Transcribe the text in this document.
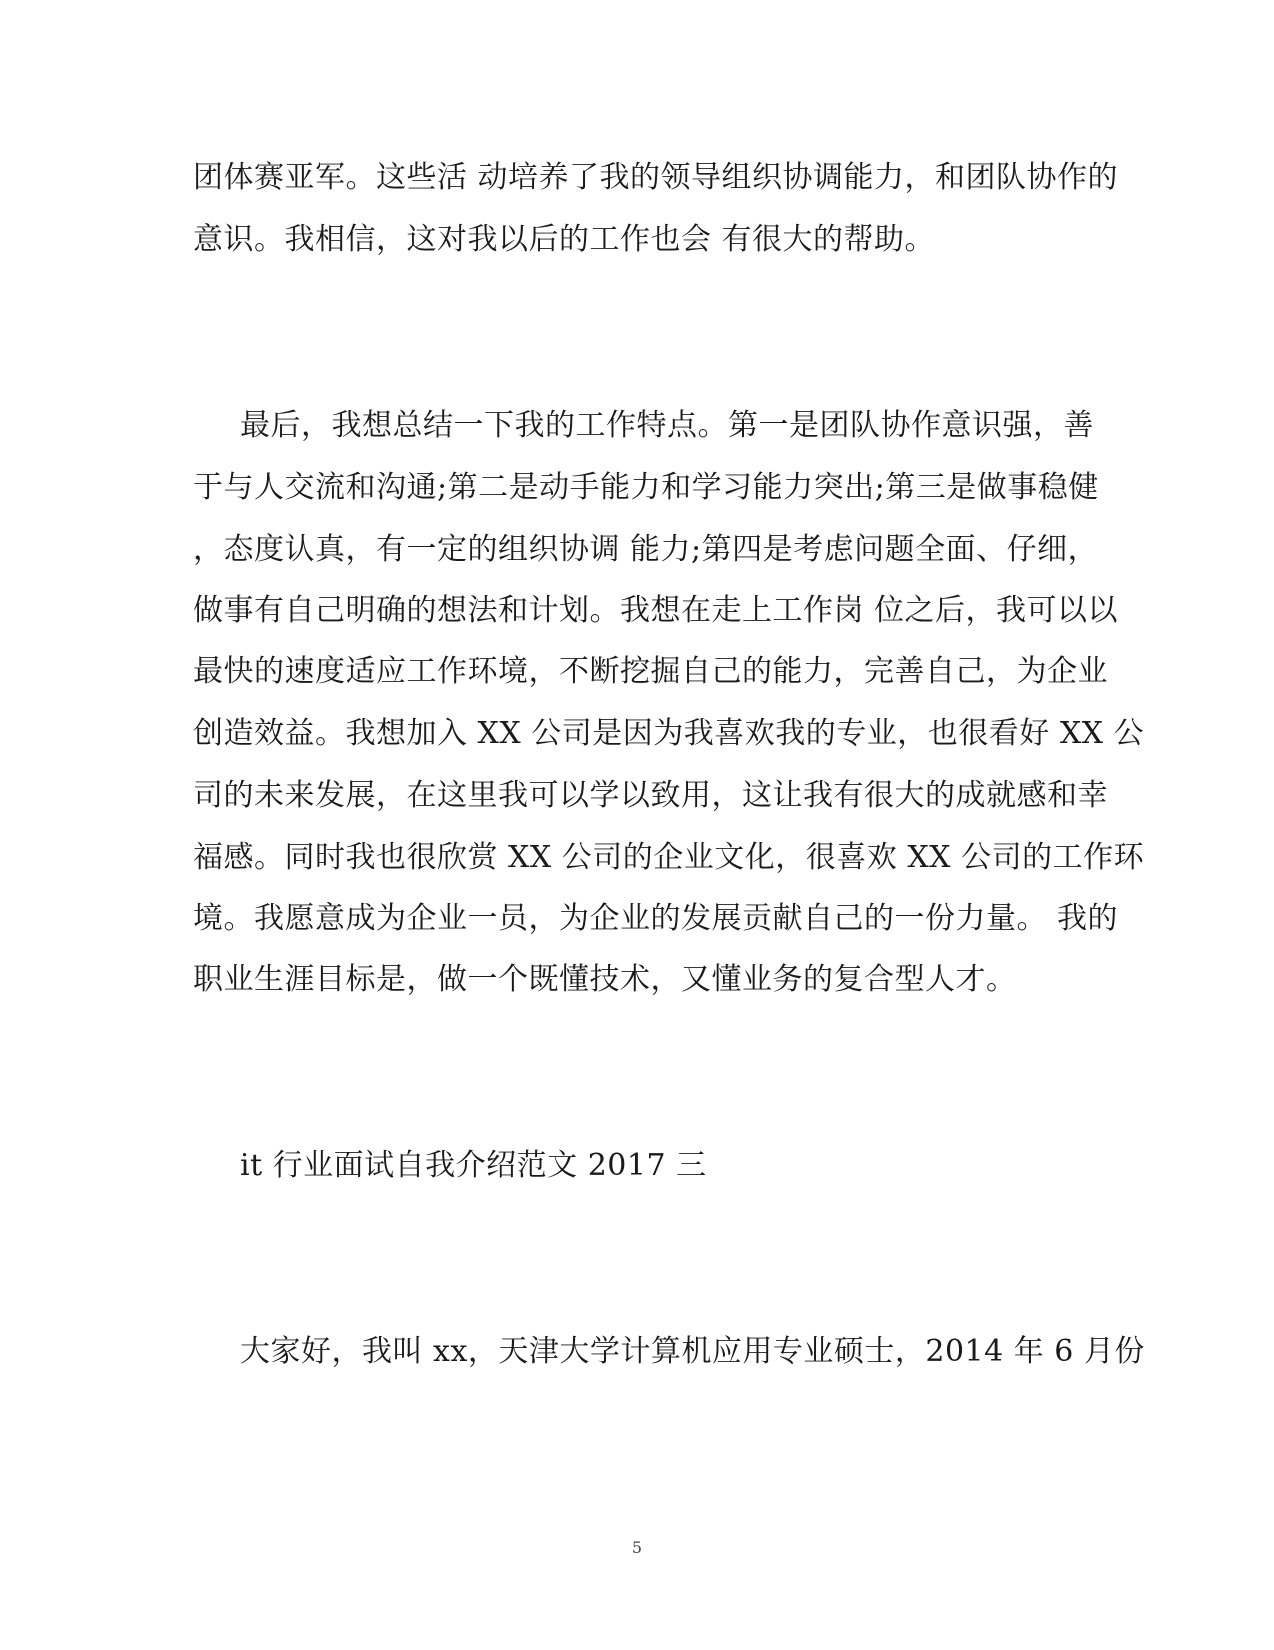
团体赛亚军。这些活 动培养了我的领导组织协调能力，和团队协作的
意识。我相信，这对我以后的工作也会 有很大的帮助。
最后，我想总结一下我的工作特点。第一是团队协作意识强，善
于与人交流和沟通;第二是动手能力和学习能力突出;第三是做事稳健
，态度认真，有一定的组织协调 能力;第四是考虑问题全面、仔细，
做事有自己明确的想法和计划。我想在走上工作岗 位之后，我可以以
最快的速度适应工作环境，不断挖掘自己的能力，完善自己，为企业
创造效益。我想加入 XX 公司是因为我喜欢我的专业，也很看好 XX 公
司的未来发展，在这里我可以学以致用，这让我有很大的成就感和幸
福感。同时我也很欣赏 XX 公司的企业文化，很喜欢 XX 公司的工作环
境。我愿意成为企业一员，为企业的发展贡献自己的一份力量。 我的
职业生涯目标是，做一个既懂技术，又懂业务的复合型人才。
it 行业面试自我介绍范文 2017 三
大家好，我叫 xx，天津大学计算机应用专业硕士，2014 年 6 月份
5
